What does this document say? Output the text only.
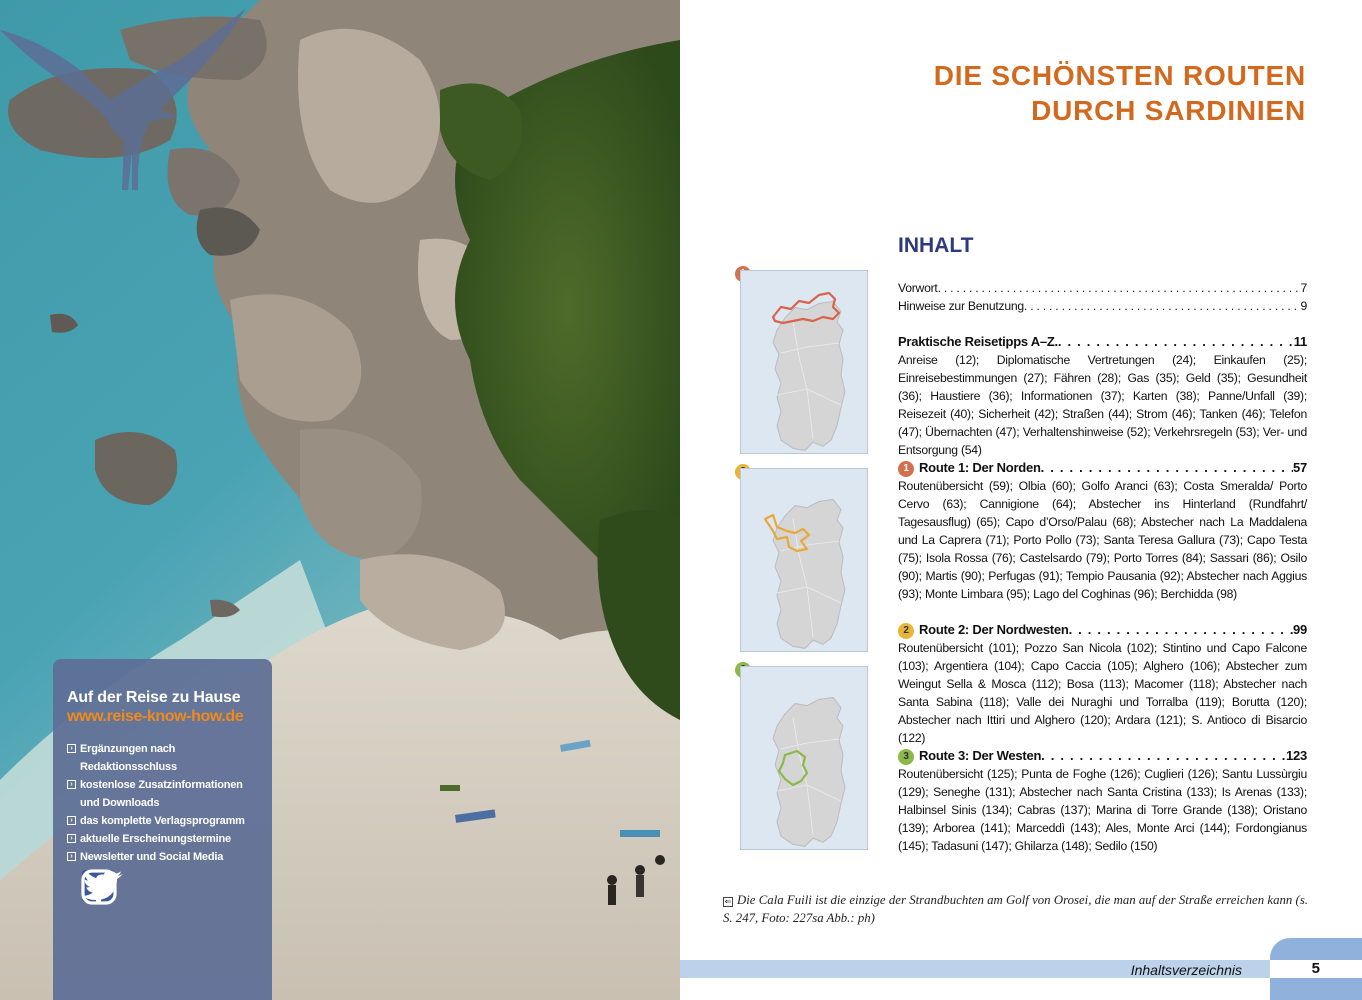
Auf der Reise zu Hause
www.reise-know-how.de
› Ergänzungen nach Redaktionsschluss
› kostenlose Zusatzinformationen
und Downloads
› das komplette Verlagsprogramm
› aktuelle Erscheinungstermine
› Newsletter und Social Media
DIE SCHÖNSTEN ROUTEN
DURCH SARDINIEN
INHALT
Vorwort . . .	7
Hinweise zur Benutzung . . .	9
Praktische Reisetipps A–Z. . . .	11
Anreise (12); Diplomatische Vertretungen (24); Einkaufen (25); Einreisebestimmungen (27); Fähren (28); Gas (35); Geld (35); Gesundheit (36); Haustiere (36); Informationen (37); Karten (38); Panne/Unfall (39); Reisezeit (40); Sicherheit (42); Straßen (44); Strom (46); Tanken (46); Telefon (47); Übernachten (47); Verhaltenshinweise (52); Verkehrsregeln (53); Ver- und Entsorgung (54)
1 Route 1: Der Norden . . .	57
Routenübersicht (59); Olbia (60); Golfo Aranci (63); Costa Smeralda/ Porto Cervo (63); Cannigione (64); Abstecher ins Hinterland (Rundfahrt/ Tagesausflug) (65); Capo d’Orso/Palau (68); Abstecher nach La Maddalena und La Caprera (71); Porto Pollo (73); Santa Teresa Gallura (73); Capo Testa (75); Isola Rossa (76); Castelsardo (79); Porto Torres (84); Sassari (86); Osilo (90); Martis (90); Perfugas (91); Tempio Pausania (92); Abstecher nach Aggius (93); Monte Limbara (95); Lago del Coghinas (96); Berchidda (98)
2 Route 2: Der Nordwesten . . .	99
Routenübersicht (101); Pozzo San Nicola (102); Stintino und Capo Falcone (103); Argentiera (104); Capo Caccia (105); Alghero (106); Abstecher zum Weingut Sella & Mosca (112); Bosa (113); Macomer (118); Abstecher nach Santa Sabina (118); Valle dei Nuraghi und Torralba (119); Borutta (120); Abstecher nach Ittiri und Alghero (120); Ardara (121); S. Antioco di Bisarcio (122)
3 Route 3: Der Westen . . .	123
Routenübersicht (125); Punta de Foghe (126); Cuglieri (126); Santu Lussùrgiu (129); Seneghe (131); Abstecher nach Santa Cristina (133); Is Arenas (133); Halbinsel Sinis (134); Cabras (137); Marina di Torre Grande (138); Oristano (139); Arborea (141); Marceddì (143); Ales, Monte Arci (144); Fordongianus (145); Tadasuni (147); Ghilarza (148); Sedilo (150)
⇐ Die Cala Fuili ist die einzige der Strandbuchten am Golf von Orosei, die man auf der Straße erreichen kann (s. S. 247, Foto: 227sa Abb.: ph)
5
Inhaltsverzeichnis
